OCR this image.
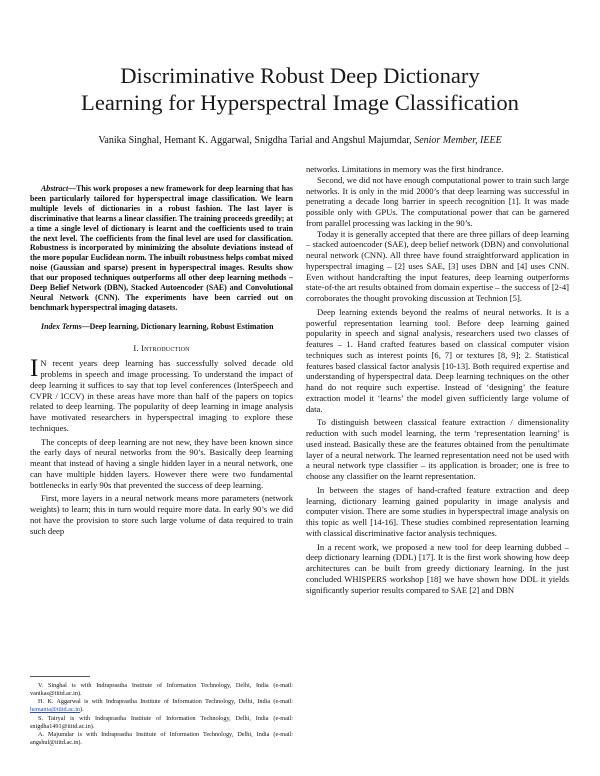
Discriminative Robust Deep Dictionary
Learning for Hyperspectral Image Classification
Vanika Singhal, Hemant K. Aggarwal, Snigdha Tarial and Angshul Majumdar, Senior Member, IEEE

Abstract—This work proposes a new framework for deep learning that has been particularly tailored for hyperspectral image classification. We learn multiple levels of dictionaries in a robust fashion. The last layer is discriminative that learns a linear classifier. The training proceeds greedily; at a time a single level of dictionary is learnt and the coefficients used to train the next level. The coefficients from the final level are used for classification. Robustness is incorporated by minimizing the absolute deviations instead of the more popular Euclidean norm. The inbuilt robustness helps combat mixed noise (Gaussian and sparse) present in hyperspectral images. Results show that our proposed techniques outperforms all other deep learning methods – Deep Belief Network (DBN), Stacked Autoencoder (SAE) and Convolutional Neural Network (CNN). The experiments have been carried out on benchmark hyperspectral imaging datasets.

Index Terms—Deep learning, Dictionary learning, Robust Estimation

I. Introduction

I N recent years deep learning has successfully solved decade old problems in speech and image processing. To understand the impact of deep learning it suffices to say that top level conferences (InterSpeech and CVPR / ICCV) in these areas have more than half of the papers on topics related to deep learning. The popularity of deep learning in image analysis have motivated researchers in hyperspectral imaging to explore these techniques.

The concepts of deep learning are not new, they have been known since the early days of neural networks from the 90’s. Basically deep learning meant that instead of having a single hidden layer in a neural network, one can have multiple hidden layers. However there were two fundamental bottlenecks in early 90s that prevented the success of deep learning.

First, more layers in a neural network means more parameters (network weights) to learn; this in turn would require more data. In early 90’s we did not have the provision to store such large volume of data required to train such deep

networks. Limitations in memory was the first hindrance.

Second, we did not have enough computational power to train such large networks. It is only in the mid 2000’s that deep learning was successful in penetrating a decade long barrier in speech recognition [1]. It was made possible only with GPUs. The computational power that can be garnered from parallel processing was lacking in the 90’s.

Today it is generally accepted that there are three pillars of deep learning – stacked autoencoder (SAE), deep belief network (DBN) and convolutional neural network (CNN). All three have found straightforward application in hyperspectral imaging – [2] uses SAE, [3] uses DBN and [4] uses CNN. Even without handcrafting the input features, deep learning outperforms state-of-the art results obtained from domain expertise – the success of [2-4] corroborates the thought provoking discussion at Technion [5].

Deep learning extends beyond the realms of neural networks. It is a powerful representation learning tool. Before deep learning gained popularity in speech and signal analysis, researchers used two classes of features – 1. Hand crafted features based on classical computer vision techniques such as interest points [6, 7] or textures [8, 9]; 2. Statistical features based classical factor analysis [10-13]. Both required expertise and understanding of hyperspectral data. Deep learning techniques on the other hand do not require such expertise. Instead of ‘designing’ the feature extraction model it ‘learns’ the model given sufficiently large volume of data.

To distinguish between classical feature extraction / dimensionality reduction with such model learning, the term ‘representation learning’ is used instead. Basically these are the features obtained from the penultimate layer of a neural network. The learned representation need not be used with a neural network type classifier – its application is broader; one is free to choose any classifier on the learnt representation.

In between the stages of hand-crafted feature extraction and deep learning, dictionary learning gained popularity in image analysis and computer vision. There are some studies in hyperspectral image analysis on this topic as well [14-16]. These studies combined representation learning with classical discriminative factor analysis techniques.

In a recent work, we proposed a new tool for deep learning dubbed – deep dictionary learning (DDL) [17]. It is the first work showing how deep architectures can be built from greedy dictionary learning. In the just concluded WHISPERS workshop [18] we have shown how DDL it yields significantly superior results compared to SAE [2] and DBN

V. Singhal is with Indraprastha Institute of Information Technology, Delhi, India (e-mail: vanikas@iiitd.ac.in).

H. K. Aggarwal is with Indraprastha Institute of Information Technology, Delhi, India (e-mail: hemanta@iiitd.ac.in).

S. Tairyal is with Indraprastha Institute of Information Technology, Delhi, India (e-mail: snigdha1491@iiitd.ac.in).

A. Majumdar is with Indraprastha Institute of Information Technology, Delhi, India (e-mail: angshul@iiitd.ac.in).
